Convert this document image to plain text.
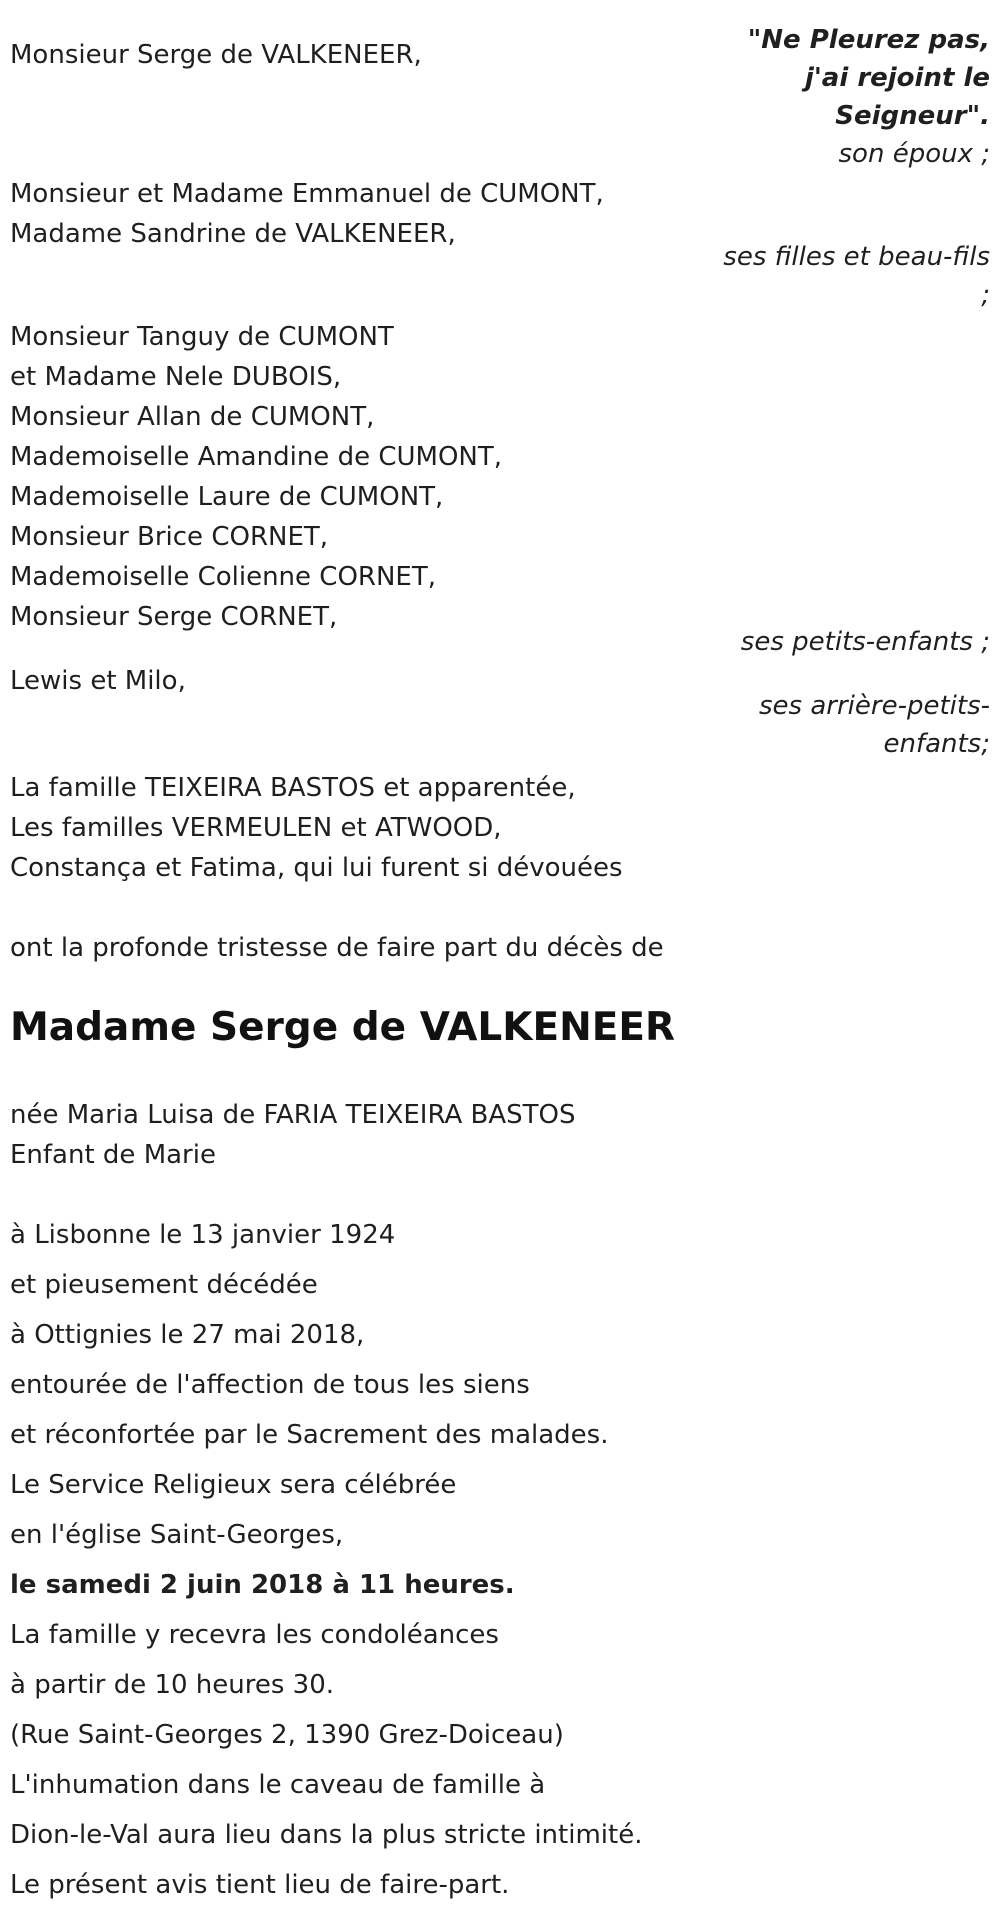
Monsieur Serge de VALKENEER,	"Ne Pleurez pas,
j'ai rejoint le
Seigneur".
son époux ;
Monsieur et Madame Emmanuel de CUMONT,
Madame Sandrine de VALKENEER,
ses filles et beau-fils
;
Monsieur Tanguy de CUMONT
et Madame Nele DUBOIS,
Monsieur Allan de CUMONT,
Mademoiselle Amandine de CUMONT,
Mademoiselle Laure de CUMONT,
Monsieur Brice CORNET,
Mademoiselle Colienne CORNET,
Monsieur Serge CORNET,
ses petits-enfants ;
Lewis et Milo,
ses arrière-petits-
enfants;
La famille TEIXEIRA BASTOS et apparentée,
Les familles VERMEULEN et ATWOOD,
Constança et Fatima, qui lui furent si dévouées
ont la profonde tristesse de faire part du décès de
Madame Serge de VALKENEER
née Maria Luisa de FARIA TEIXEIRA BASTOS
Enfant de Marie
à Lisbonne le 13 janvier 1924
et pieusement décédée
à Ottignies le 27 mai 2018,
entourée de l'affection de tous les siens
et réconfortée par le Sacrement des malades.
Le Service Religieux sera célébrée
en l'église Saint-Georges,
le samedi 2 juin 2018 à 11 heures.
La famille y recevra les condoléances
à partir de 10 heures 30.
(Rue Saint-Georges 2, 1390 Grez-Doiceau)
L'inhumation dans le caveau de famille à
Dion-le-Val aura lieu dans la plus stricte intimité.
Le présent avis tient lieu de faire-part.
